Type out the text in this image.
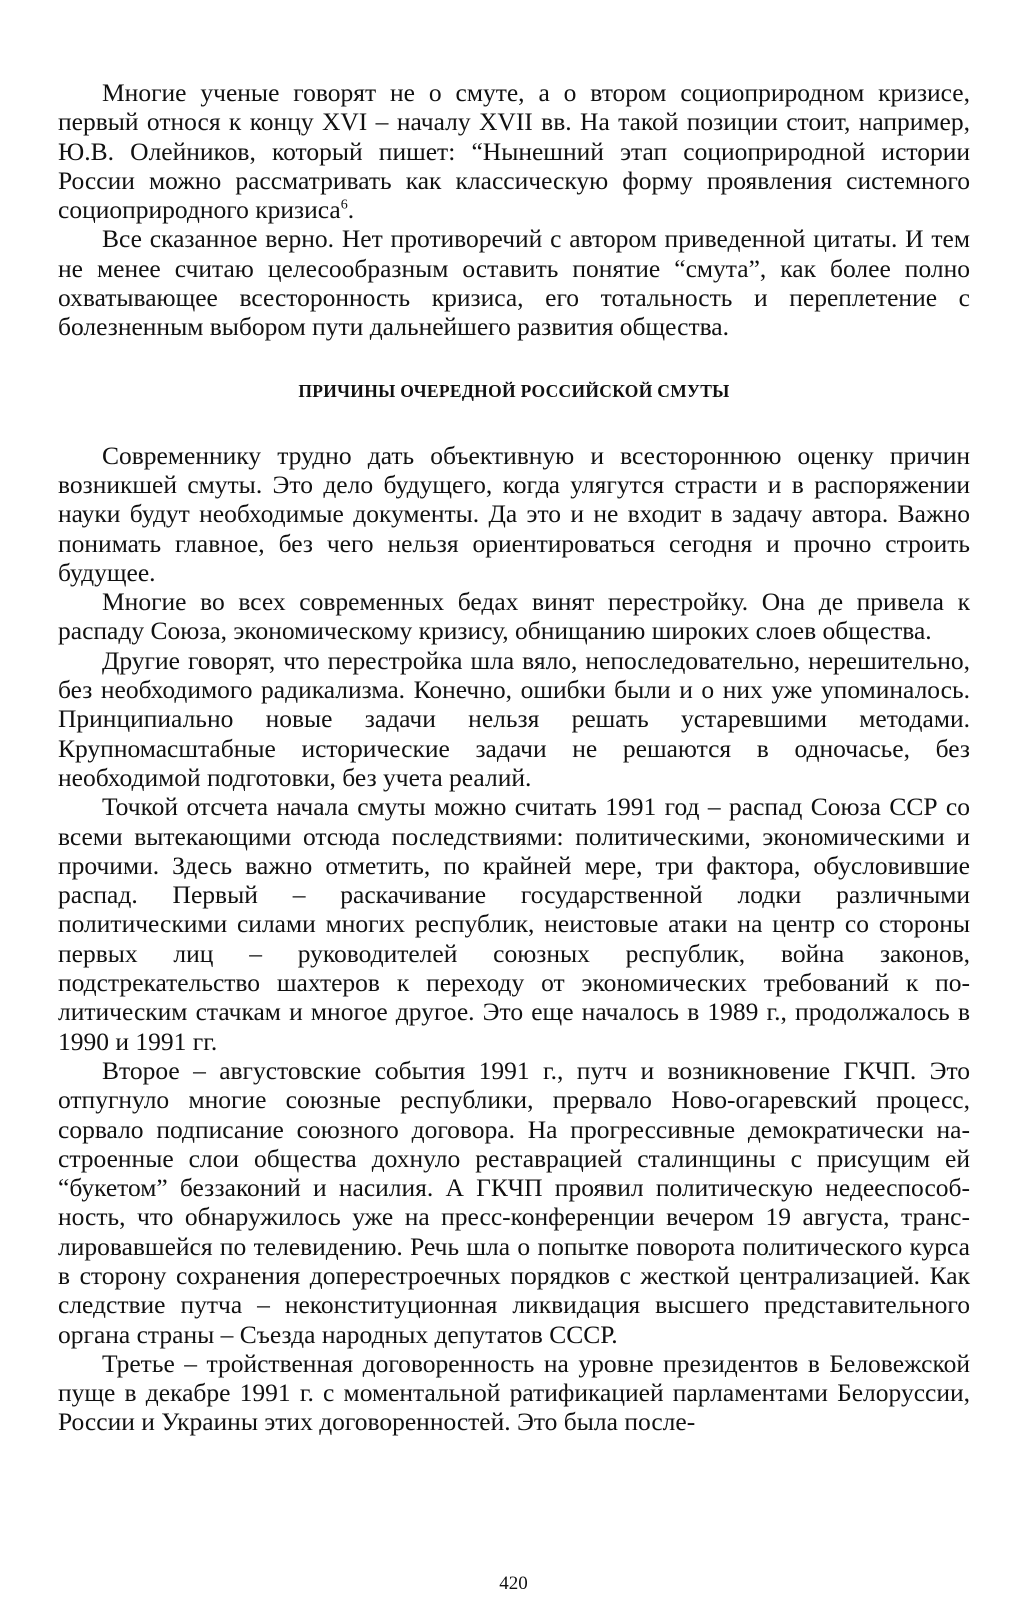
Многие ученые говорят не о смуте, а о втором социоприродном кризисе, первый относя к концу XVI – началу XVII вв. На такой позиции стоит, например, Ю.В. Олейников, который пишет: “Нынешний этап социоприродной истории России можно рассматривать как классическую форму проявления системного социоприродного кризиса$^6$.

Все сказанное верно. Нет противоречий с автором приведенной цитаты. И тем не менее считаю целесообразным оставить понятие “смута”, как более полно охватывающее всесторонность кризиса, его тотальность и переплетение с болезненным выбором пути дальнейшего развития общества.

ПРИЧИНЫ ОЧЕРЕДНОЙ РОССИЙСКОЙ СМУТЫ

Современнику трудно дать объективную и всестороннюю оценку причин возникшей смуты. Это дело будущего, когда улягутся страсти и в распоряжении науки будут необходимые документы. Да это и не входит в задачу автора. Важно понимать главное, без чего нельзя ориентироваться сегодня и прочно строить будущее.

Многие во всех современных бедах винят перестройку. Она де привела к распаду Союза, экономическому кризису, обнищанию широких слоев общества.

Другие говорят, что перестройка шла вяло, непоследовательно, нерешительно, без необходимого радикализма. Конечно, ошибки были и о них уже упоминалось. Принципиально новые задачи нельзя решать устаревшими методами. Крупномасштабные исторические задачи не решаются в одночасье, без необходимой подготовки, без учета реалий.

Точкой отсчета начала смуты можно считать 1991 год – распад Союза ССР со всеми вытекающими отсюда последствиями: политическими, экономическими и прочими. Здесь важно отметить, по крайней мере, три фактора, обусловившие распад. Первый – раскачивание государственной лодки различными политическими силами многих республик, неистовые атаки на центр со стороны первых лиц – руководителей союзных республик, война законов, подстрекательство шахтеров к переходу от экономических требований к политическим стачкам и многое другое. Это еще началось в 1989 г., продолжалось в 1990 и 1991 гг.

Второе – августовские события 1991 г., путч и возникновение ГКЧП. Это отпугнуло многие союзные республики, прервало Ново-огаревский процесс, сорвало подписание союзного договора. На прогрессивные демократически настроенные слои общества дохнуло реставрацией сталинщины с присущим ей “букетом” беззаконий и насилия. А ГКЧП проявил политическую недееспособность, что обнаружилось уже на пресс-конференции вечером 19 августа, транслировавшейся по телевидению. Речь шла о попытке поворота политического курса в сторону сохранения доперестроечных порядков с жесткой централизацией. Как следствие путча – неконституционная ликвидация высшего представительного органа страны – Съезда народных депутатов СССР.

Третье – тройственная договоренность на уровне президентов в Беловежской пуще в декабре 1991 г. с моментальной ратификацией парламентами Белоруссии, России и Украины этих договоренностей. Это была после-

420
